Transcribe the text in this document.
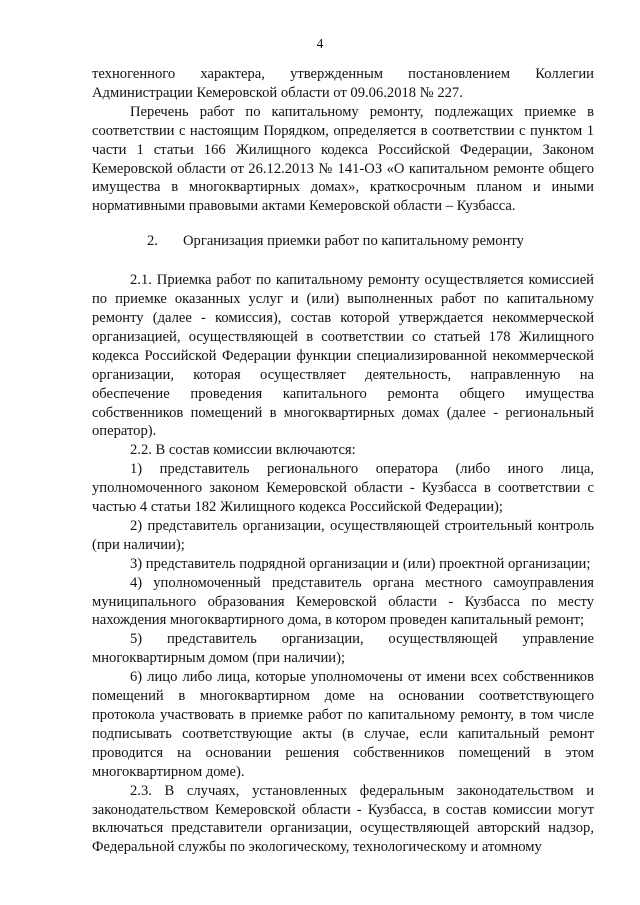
4

техногенного характера, утвержденным постановлением Коллегии Администрации Кемеровской области от 09.06.2018 № 227.

Перечень работ по капитальному ремонту, подлежащих приемке в соответствии с настоящим Порядком, определяется в соответствии с пунктом 1 части 1 статьи 166 Жилищного кодекса Российской Федерации, Законом Кемеровской области от 26.12.2013 № 141-ОЗ «О капитальном ремонте общего имущества в многоквартирных домах», краткосрочным планом и иными нормативными правовыми актами Кемеровской области – Кузбасса.

2. Организация приемки работ по капитальному ремонту

2.1. Приемка работ по капитальному ремонту осуществляется комиссией по приемке оказанных услуг и (или) выполненных работ по капитальному ремонту (далее - комиссия), состав которой утверждается некоммерческой организацией, осуществляющей в соответствии со статьей 178 Жилищного кодекса Российской Федерации функции специализированной некоммерческой организации, которая осуществляет деятельность, направленную на обеспечение проведения капитального ремонта общего имущества собственников помещений в многоквартирных домах (далее - региональный оператор).

2.2. В состав комиссии включаются:

1) представитель регионального оператора (либо иного лица, уполномоченного законом Кемеровской области - Кузбасса в соответствии с частью 4 статьи 182 Жилищного кодекса Российской Федерации);

2) представитель организации, осуществляющей строительный контроль (при наличии);

3) представитель подрядной организации и (или) проектной организации;

4) уполномоченный представитель органа местного самоуправления муниципального образования Кемеровской области - Кузбасса по месту нахождения многоквартирного дома, в котором проведен капитальный ремонт;

5) представитель организации, осуществляющей управление многоквартирным домом (при наличии);

6) лицо либо лица, которые уполномочены от имени всех собственников помещений в многоквартирном доме на основании соответствующего протокола участвовать в приемке работ по капитальному ремонту, в том числе подписывать соответствующие акты (в случае, если капитальный ремонт проводится на основании решения собственников помещений в этом многоквартирном доме).

2.3. В случаях, установленных федеральным законодательством и законодательством Кемеровской области - Кузбасса, в состав комиссии могут включаться представители организации, осуществляющей авторский надзор, Федеральной службы по экологическому, технологическому и атомному
